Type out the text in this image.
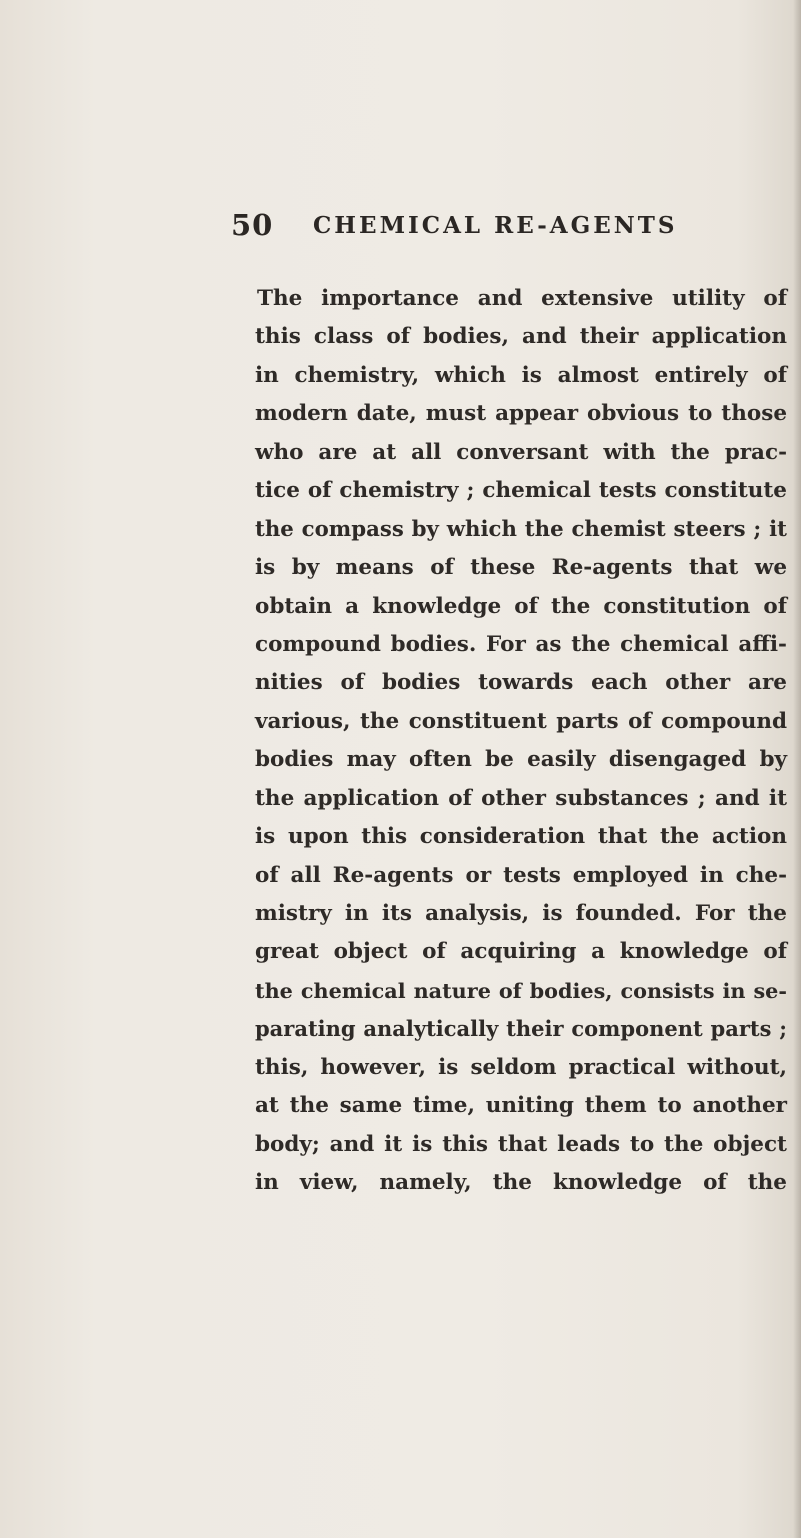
50 CHEMICAL RE-AGENTS
The importance and extensive utility of
this class of bodies, and their application
in chemistry, which is almost entirely of
modern date, must appear obvious to those
who are at all conversant with the prac-
tice of chemistry ; chemical tests constitute
the compass by which the chemist steers ; it
is by means of these Re-agents that we
obtain a knowledge of the constitution of
compound bodies. For as the chemical affi-
nities of bodies towards each other are
various, the constituent parts of compound
bodies may often be easily disengaged by
the application of other substances ; and it
is upon this consideration that the action
of all Re-agents or tests employed in che-
mistry in its analysis, is founded. For the
great object of acquiring a knowledge of
the chemical nature of bodies, consists in se-
parating analytically their component parts ;
this, however, is seldom practical without,
at the same time, uniting them to another
body; and it is this that leads to the object
in view, namely, the knowledge of the
